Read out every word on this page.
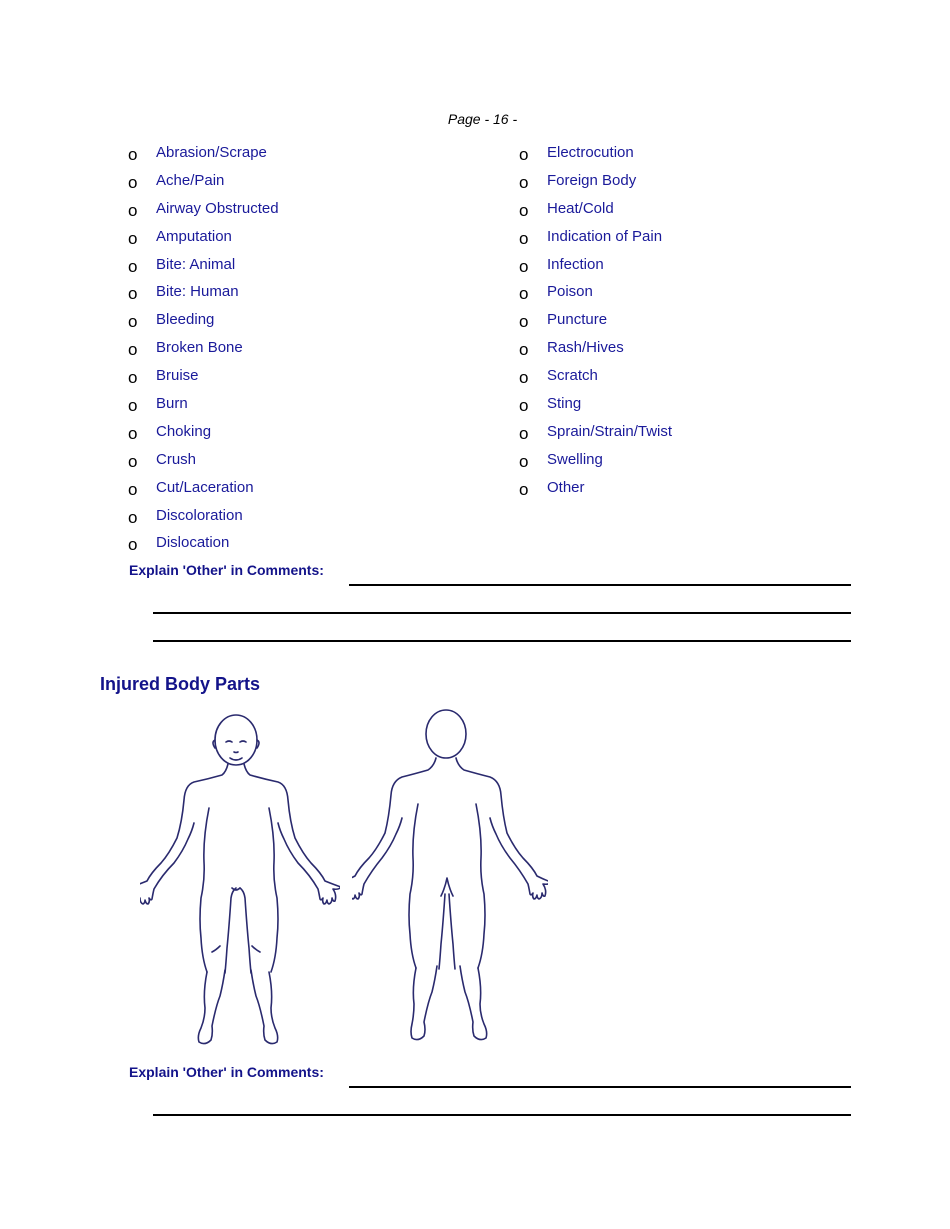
Page - 16 -
o	Abrasion/Scrape
o	Ache/Pain
o	Airway Obstructed
o	Amputation
o	Bite: Animal
o	Bite: Human
o	Bleeding
o	Broken Bone
o	Bruise
o	Burn
o	Choking
o	Crush
o	Cut/Laceration
o	Discoloration
o	Dislocation
o	Electrocution
o	Foreign Body
o	Heat/Cold
o	Indication of Pain
o	Infection
o	Poison
o	Puncture
o	Rash/Hives
o	Scratch
o	Sting
o	Sprain/Strain/Twist
o	Swelling
o	Other
Explain 'Other' in Comments:
Injured Body Parts
Explain 'Other' in Comments:
